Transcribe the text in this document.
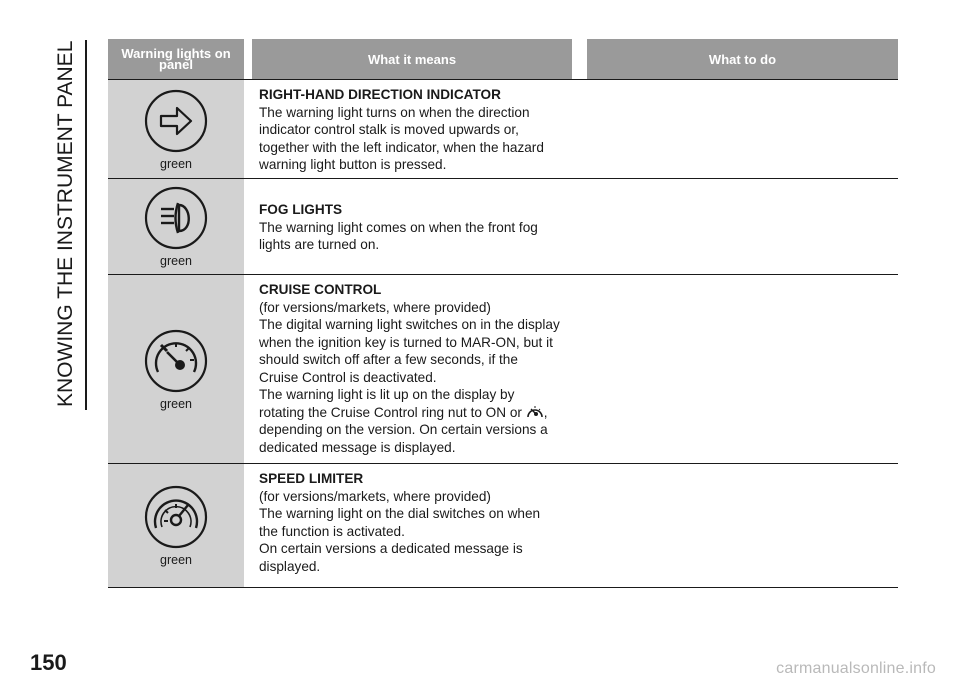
KNOWING THE INSTRUMENT PANEL	Warning lights on panel	What it means	What to do
green
RIGHT-HAND DIRECTION INDICATOR
The warning light turns on when the direction
indicator control stalk is moved upwards or,
together with the left indicator, when the hazard
warning light button is pressed.
green
FOG LIGHTS
The warning light comes on when the front fog
lights are turned on.
green
CRUISE CONTROL
(for versions/markets, where provided)
The digital warning light switches on in the display
when the ignition key is turned to MAR-ON, but it
should switch off after a few seconds, if the
Cruise Control is deactivated.
The warning light is lit up on the display by
rotating the Cruise Control ring nut to ON or ,
depending on the version. On certain versions a
dedicated message is displayed.
green
SPEED LIMITER
(for versions/markets, where provided)
The warning light on the dial switches on when
the function is activated.
On certain versions a dedicated message is
displayed.
150	carmanualsonline.info
